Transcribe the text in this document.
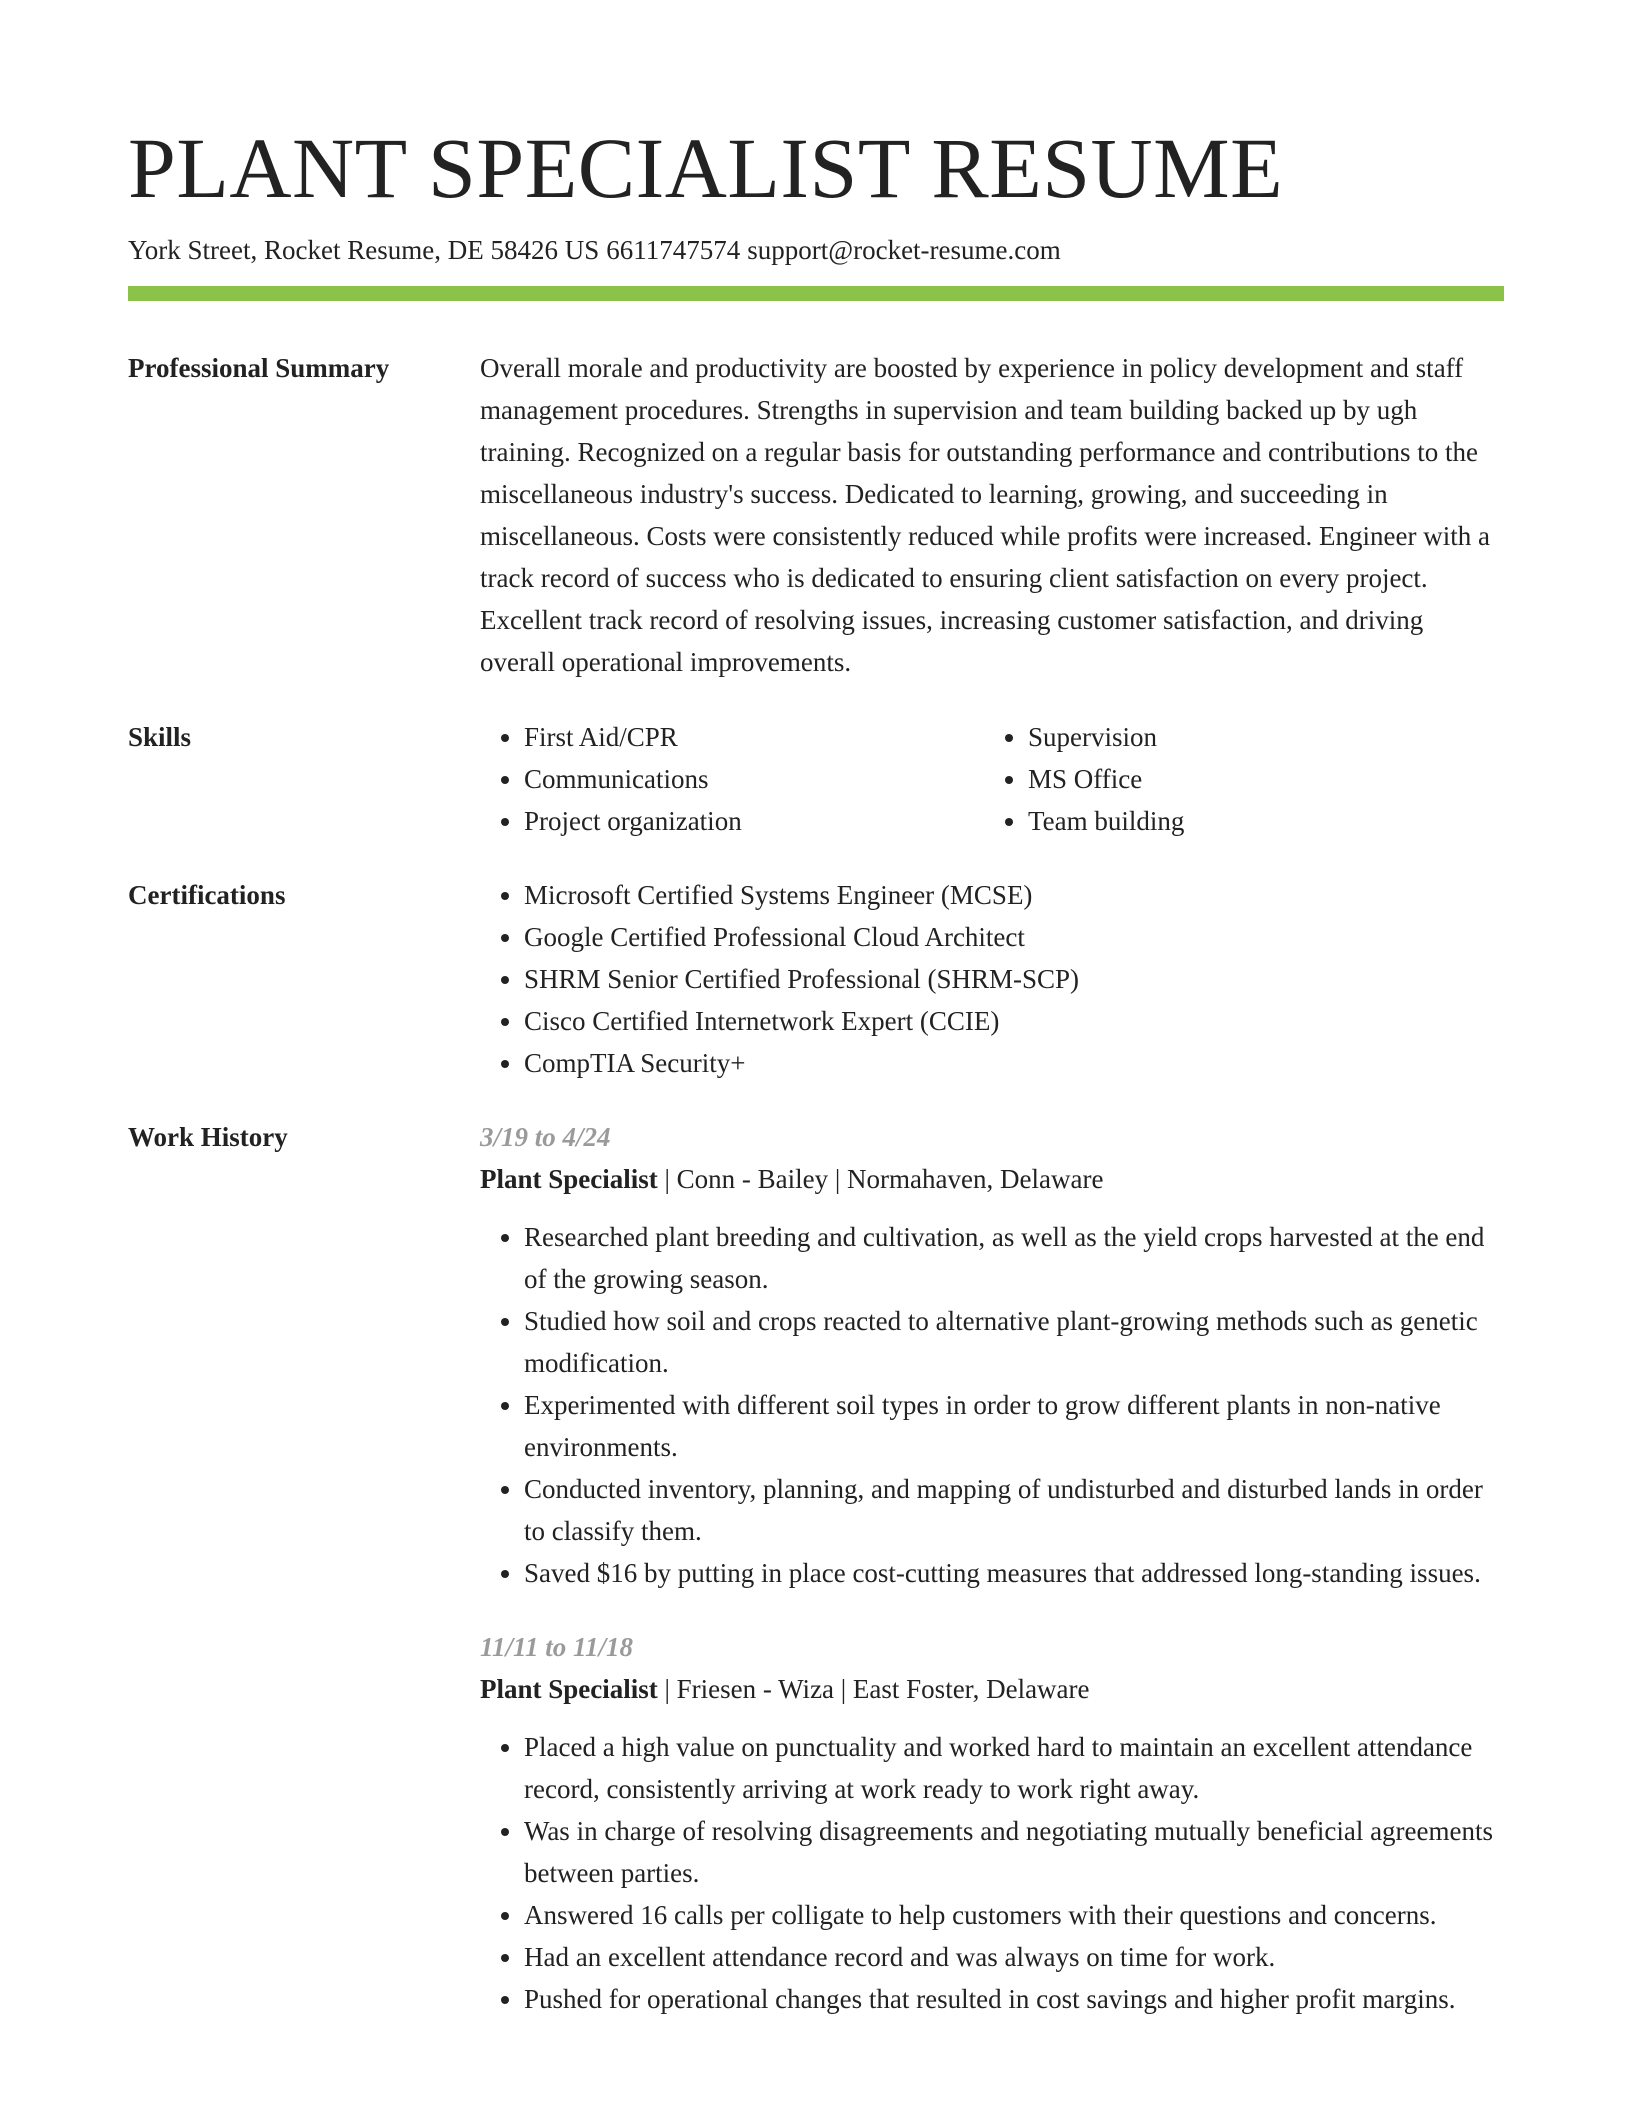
PLANT SPECIALIST RESUME
York Street, Rocket Resume, DE 58426 US 6611747574 support@rocket-resume.com
Professional Summary	Overall morale and productivity are boosted by experience in policy development and staff management procedures. Strengths in supervision and team building backed up by ugh training. Recognized on a regular basis for outstanding performance and contributions to the miscellaneous industry's success. Dedicated to learning, growing, and succeeding in miscellaneous. Costs were consistently reduced while profits were increased. Engineer with a track record of success who is dedicated to ensuring client satisfaction on every project. Excellent track record of resolving issues, increasing customer satisfaction, and driving overall operational improvements.

Skills	• First Aid/CPR
• Communications
• Project organization
• Supervision
• MS Office
• Team building
Certifications	• Microsoft Certified Systems Engineer (MCSE)
• Google Certified Professional Cloud Architect
• SHRM Senior Certified Professional (SHRM-SCP)
• Cisco Certified Internetwork Expert (CCIE)
• CompTIA Security+
Work History	3/19 to 4/24
Plant Specialist | Conn - Bailey | Normahaven, Delaware
• Researched plant breeding and cultivation, as well as the yield crops harvested at the end of the growing season.
• Studied how soil and crops reacted to alternative plant-growing methods such as genetic modification.
• Experimented with different soil types in order to grow different plants in non-native environments.
• Conducted inventory, planning, and mapping of undisturbed and disturbed lands in order to classify them.
• Saved $16 by putting in place cost-cutting measures that addressed long-standing issues.
11/11 to 11/18
Plant Specialist | Friesen - Wiza | East Foster, Delaware
• Placed a high value on punctuality and worked hard to maintain an excellent attendance record, consistently arriving at work ready to work right away.
• Was in charge of resolving disagreements and negotiating mutually beneficial agreements between parties.
• Answered 16 calls per colligate to help customers with their questions and concerns.
• Had an excellent attendance record and was always on time for work.
• Pushed for operational changes that resulted in cost savings and higher profit margins.
